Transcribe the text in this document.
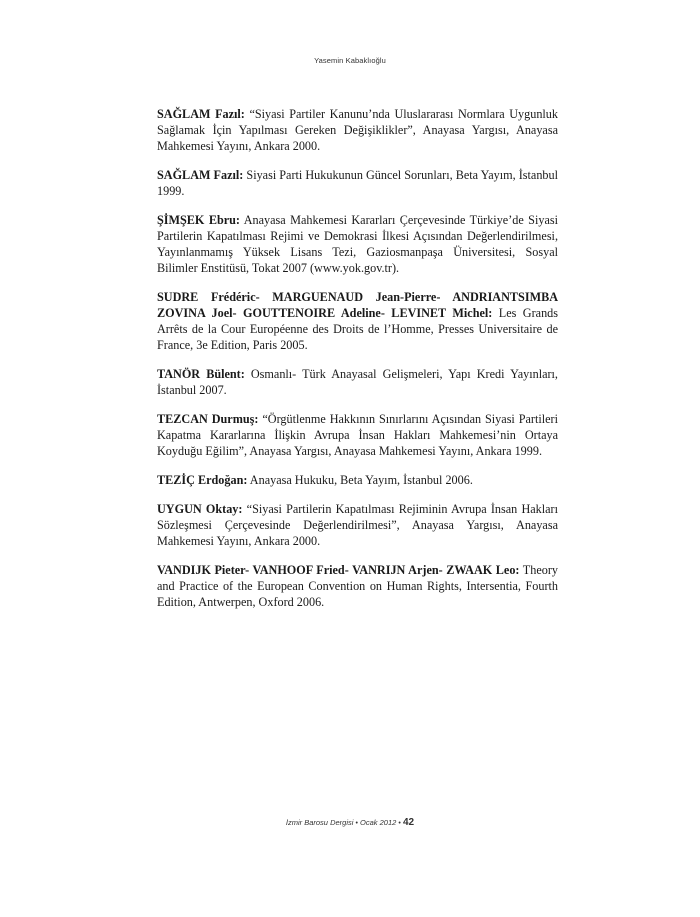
Yasemin Kabaklıoğlu
SAĞLAM Fazıl: “Siyasi Partiler Kanunu’nda Uluslararası Normlara Uygunluk Sağlamak İçin Yapılması Gereken Değişiklikler”, Anayasa Yargısı, Anayasa Mahkemesi Yayını, Ankara 2000.
SAĞLAM Fazıl: Siyasi Parti Hukukunun Güncel Sorunları, Beta Yayım, İstanbul 1999.
ŞİMŞEK Ebru: Anayasa Mahkemesi Kararları Çerçevesinde Türkiye’de Siyasi Partilerin Kapatılması Rejimi ve Demokrasi İlkesi Açısından Değerlendirilmesi, Yayınlanmamış Yüksek Lisans Tezi, Gaziosmanpaşa Üniversitesi, Sosyal Bilimler Enstitüsü, Tokat 2007 (www.yok.gov.tr).
SUDRE Frédéric- MARGUENAUD Jean-Pierre- ANDRIANTSIMBA ZOVINA Joel- GOUTTENOIRE Adeline- LEVINET Michel: Les Grands Arrêts de la Cour Européenne des Droits de l’Homme, Presses Universitaire de France, 3e Edition, Paris 2005.
TANÖR Bülent: Osmanlı- Türk Anayasal Gelişmeleri, Yapı Kredi Yayınları, İstanbul 2007.
TEZCAN Durmuş: “Örgütlenme Hakkının Sınırlarını Açısından Siyasi Partileri Kapatma Kararlarına İlişkin Avrupa İnsan Hakları Mahkemesi’nin Ortaya Koyduğu Eğilim”, Anayasa Yargısı, Anayasa Mahkemesi Yayını, Ankara 1999.
TEZİÇ Erdoğan: Anayasa Hukuku, Beta Yayım, İstanbul 2006.
UYGUN Oktay: “Siyasi Partilerin Kapatılması Rejiminin Avrupa İnsan Hakları Sözleşmesi Çerçevesinde Değerlendirilmesi”, Anayasa Yargısı, Anayasa Mahkemesi Yayını, Ankara 2000.
VANDIJK Pieter- VANHOOF Fried- VANRIJN Arjen- ZWAAK Leo: Theory and Practice of the European Convention on Human Rights, Intersentia, Fourth Edition, Antwerpen, Oxford 2006.
İzmir Barosu Dergisi • Ocak 2012 • 42
